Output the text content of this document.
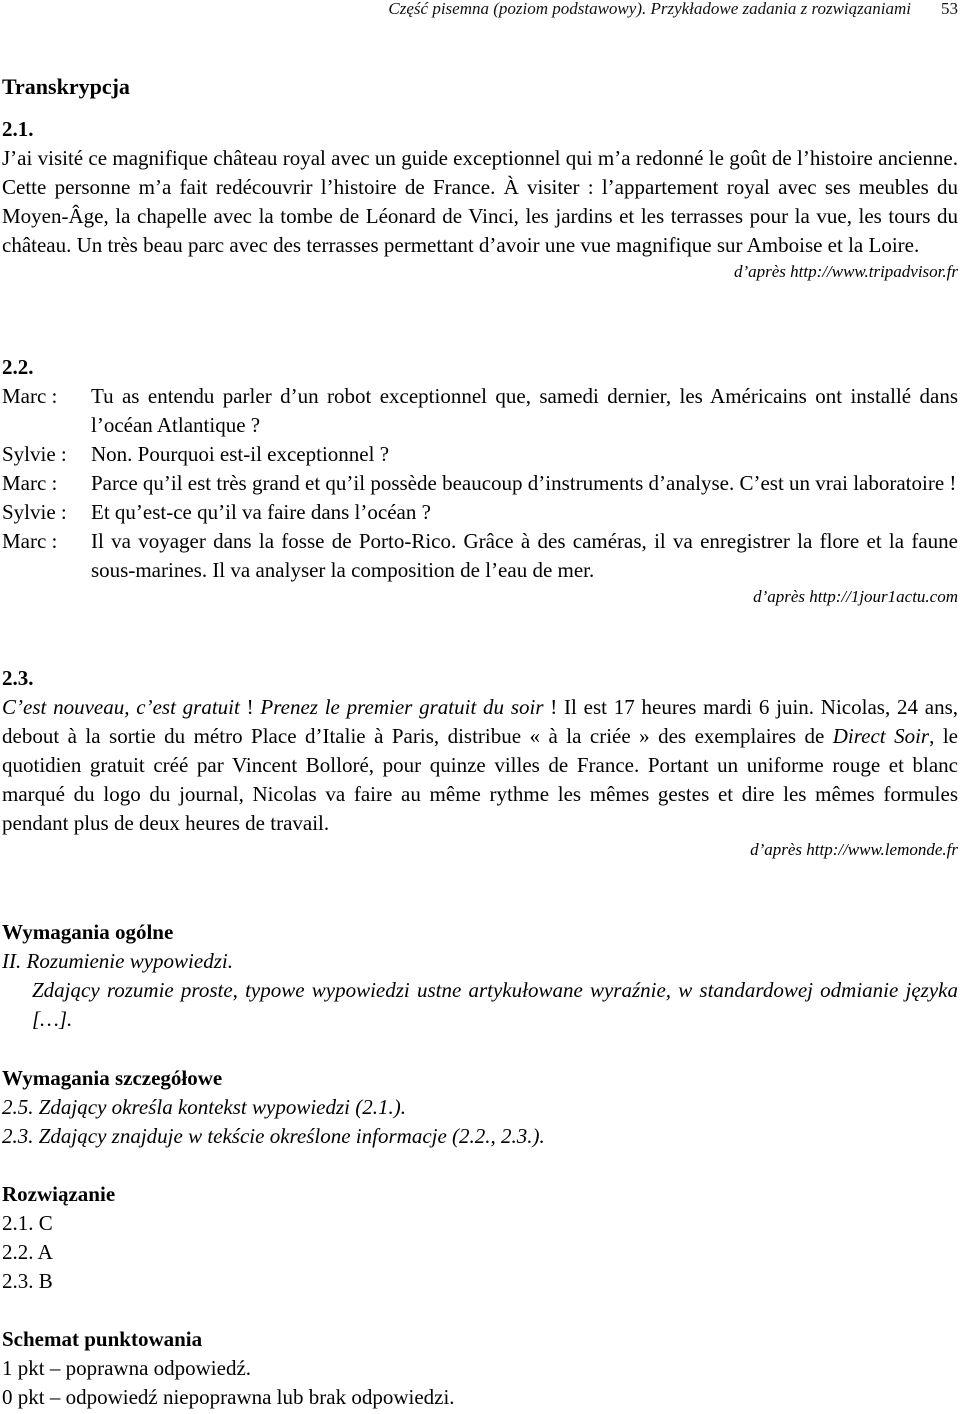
Część pisemna (poziom podstawowy). Przykładowe zadania z rozwiązaniami 53
Transkrypcja
2.1.
J’ai visité ce magnifique château royal avec un guide exceptionnel qui m’a redonné le goût de l’histoire ancienne. Cette personne m’a fait redécouvrir l’histoire de France. À visiter : l’appartement royal avec ses meubles du Moyen-Âge, la chapelle avec la tombe de Léonard de Vinci, les jardins et les terrasses pour la vue, les tours du château. Un très beau parc avec des terrasses permettant d’avoir une vue magnifique sur Amboise et la Loire.
d’après http://www.tripadvisor.fr
2.2.
Marc :	Tu as entendu parler d’un robot exceptionnel que, samedi dernier, les Américains ont installé dans l’océan Atlantique ?
Sylvie :	Non. Pourquoi est-il exceptionnel ?
Marc :	Parce qu’il est très grand et qu’il possède beaucoup d’instruments d’analyse. C’est un vrai laboratoire !
Sylvie :	Et qu’est-ce qu’il va faire dans l’océan ?
Marc :	Il va voyager dans la fosse de Porto-Rico. Grâce à des caméras, il va enregistrer la flore et la faune sous-marines. Il va analyser la composition de l’eau de mer.
d’après http://1jour1actu.com
2.3.
C’est nouveau, c’est gratuit ! Prenez le premier gratuit du soir ! Il est 17 heures mardi 6 juin. Nicolas, 24 ans, debout à la sortie du métro Place d’Italie à Paris, distribue « à la criée » des exemplaires de Direct Soir, le quotidien gratuit créé par Vincent Bolloré, pour quinze villes de France. Portant un uniforme rouge et blanc marqué du logo du journal, Nicolas va faire au même rythme les mêmes gestes et dire les mêmes formules pendant plus de deux heures de travail.
d’après http://www.lemonde.fr
Wymagania ogólne
II. Rozumienie wypowiedzi.
Zdający rozumie proste, typowe wypowiedzi ustne artykułowane wyraźnie, w standardowej odmianie języka […].
Wymagania szczegółowe
2.5. Zdający określa kontekst wypowiedzi (2.1.).
2.3. Zdający znajduje w tekście określone informacje (2.2., 2.3.).
Rozwiązanie
2.1. C
2.2. A
2.3. B
Schemat punktowania
1 pkt – poprawna odpowiedź.
0 pkt – odpowiedź niepoprawna lub brak odpowiedzi.
